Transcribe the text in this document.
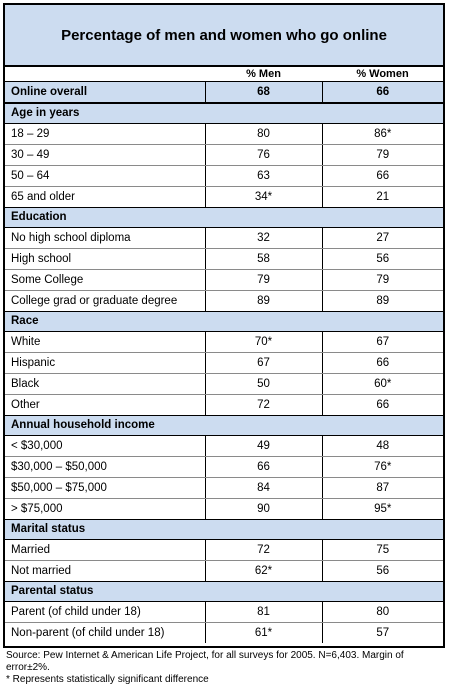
Percentage of men and women who go online
	% Men	% Women
Online overall	68	66
Age in years		
18 – 29	80	86*
30 – 49	76	79
50 – 64	63	66
65 and older	34*	21
Education		
No high school diploma	32	27
High school	58	56
Some College	79	79
College grad or graduate degree	89	89
Race		
White	70*	67
Hispanic	67	66
Black	50	60*
Other	72	66
Annual household income		
< $30,000	49	48
$30,000 – $50,000	66	76*
$50,000 – $75,000	84	87
> $75,000	90	95*
Marital status		
Married	72	75
Not married	62*	56
Parental status		
Parent (of child under 18)	81	80
Non-parent (of child under 18)	61*	57
Source: Pew Internet & American Life Project, for all surveys for 2005. N=6,403. Margin of error±2%.
* Represents statistically significant difference
